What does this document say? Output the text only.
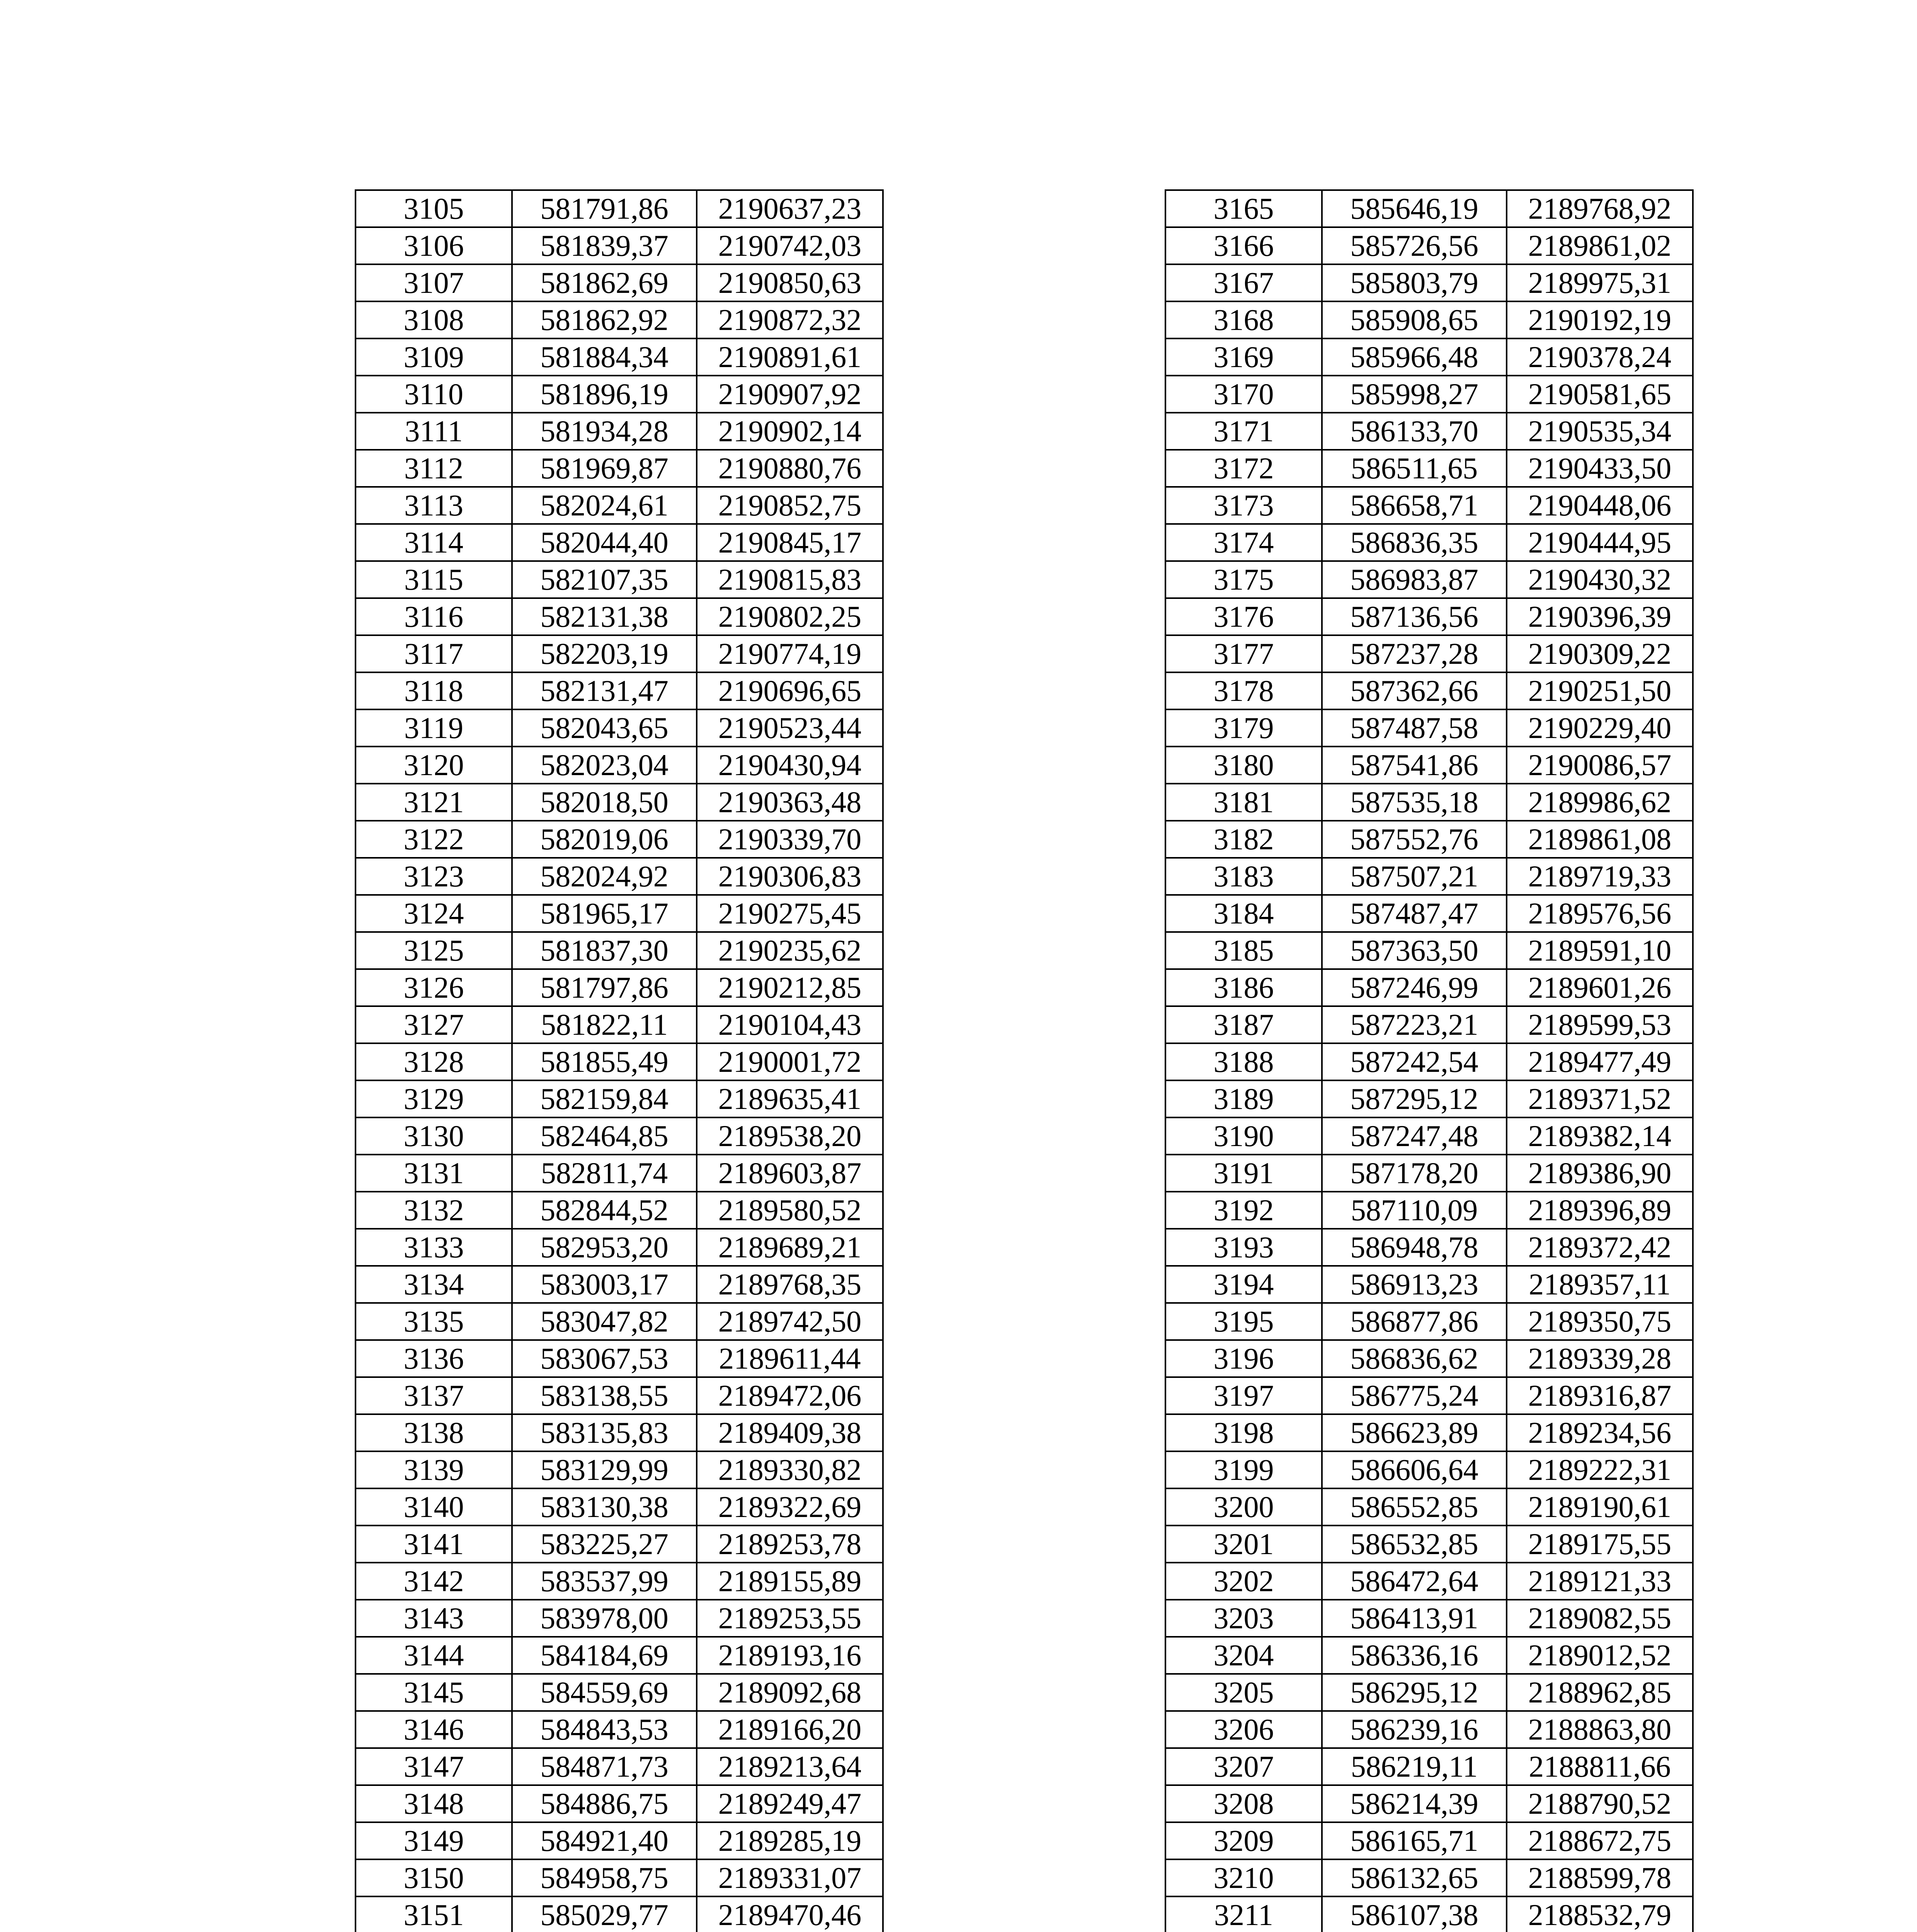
3105	581791,86	2190637,23
3106	581839,37	2190742,03
3107	581862,69	2190850,63
3108	581862,92	2190872,32
3109	581884,34	2190891,61
3110	581896,19	2190907,92
3111	581934,28	2190902,14
3112	581969,87	2190880,76
3113	582024,61	2190852,75
3114	582044,40	2190845,17
3115	582107,35	2190815,83
3116	582131,38	2190802,25
3117	582203,19	2190774,19
3118	582131,47	2190696,65
3119	582043,65	2190523,44
3120	582023,04	2190430,94
3121	582018,50	2190363,48
3122	582019,06	2190339,70
3123	582024,92	2190306,83
3124	581965,17	2190275,45
3125	581837,30	2190235,62
3126	581797,86	2190212,85
3127	581822,11	2190104,43
3128	581855,49	2190001,72
3129	582159,84	2189635,41
3130	582464,85	2189538,20
3131	582811,74	2189603,87
3132	582844,52	2189580,52
3133	582953,20	2189689,21
3134	583003,17	2189768,35
3135	583047,82	2189742,50
3136	583067,53	2189611,44
3137	583138,55	2189472,06
3138	583135,83	2189409,38
3139	583129,99	2189330,82
3140	583130,38	2189322,69
3141	583225,27	2189253,78
3142	583537,99	2189155,89
3143	583978,00	2189253,55
3144	584184,69	2189193,16
3145	584559,69	2189092,68
3146	584843,53	2189166,20
3147	584871,73	2189213,64
3148	584886,75	2189249,47
3149	584921,40	2189285,19
3150	584958,75	2189331,07
3151	585029,77	2189470,46

3165	585646,19	2189768,92
3166	585726,56	2189861,02
3167	585803,79	2189975,31
3168	585908,65	2190192,19
3169	585966,48	2190378,24
3170	585998,27	2190581,65
3171	586133,70	2190535,34
3172	586511,65	2190433,50
3173	586658,71	2190448,06
3174	586836,35	2190444,95
3175	586983,87	2190430,32
3176	587136,56	2190396,39
3177	587237,28	2190309,22
3178	587362,66	2190251,50
3179	587487,58	2190229,40
3180	587541,86	2190086,57
3181	587535,18	2189986,62
3182	587552,76	2189861,08
3183	587507,21	2189719,33
3184	587487,47	2189576,56
3185	587363,50	2189591,10
3186	587246,99	2189601,26
3187	587223,21	2189599,53
3188	587242,54	2189477,49
3189	587295,12	2189371,52
3190	587247,48	2189382,14
3191	587178,20	2189386,90
3192	587110,09	2189396,89
3193	586948,78	2189372,42
3194	586913,23	2189357,11
3195	586877,86	2189350,75
3196	586836,62	2189339,28
3197	586775,24	2189316,87
3198	586623,89	2189234,56
3199	586606,64	2189222,31
3200	586552,85	2189190,61
3201	586532,85	2189175,55
3202	586472,64	2189121,33
3203	586413,91	2189082,55
3204	586336,16	2189012,52
3205	586295,12	2188962,85
3206	586239,16	2188863,80
3207	586219,11	2188811,66
3208	586214,39	2188790,52
3209	586165,71	2188672,75
3210	586132,65	2188599,78
3211	586107,38	2188532,79
